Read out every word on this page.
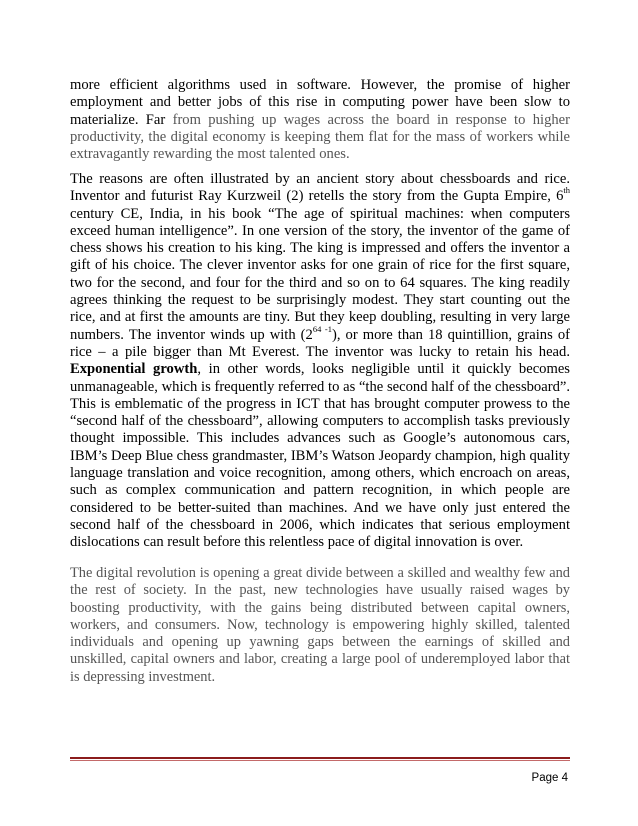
more efficient algorithms used in software. However, the promise of higher employment and better jobs of this rise in computing power have been slow to materialize. Far from pushing up wages across the board in response to higher productivity, the digital economy is keeping them flat for the mass of workers while extravagantly rewarding the most talented ones.

The reasons are often illustrated by an ancient story about chessboards and rice. Inventor and futurist Ray Kurzweil (2) retells the story from the Gupta Empire, 6th century CE, India, in his book “The age of spiritual machines: when computers exceed human intelligence”. In one version of the story, the inventor of the game of chess shows his creation to his king. The king is impressed and offers the inventor a gift of his choice. The clever inventor asks for one grain of rice for the first square, two for the second, and four for the third and so on to 64 squares. The king readily agrees thinking the request to be surprisingly modest. They start counting out the rice, and at first the amounts are tiny. But they keep doubling, resulting in very large numbers. The inventor winds up with (2$^{64 -1}$), or more than 18 quintillion, grains of rice – a pile bigger than Mt Everest. The inventor was lucky to retain his head. Exponential growth, in other words, looks negligible until it quickly becomes unmanageable, which is frequently referred to as “the second half of the chessboard”. This is emblematic of the progress in ICT that has brought computer prowess to the “second half of the chessboard”, allowing computers to accomplish tasks previously thought impossible. This includes advances such as Google’s autonomous cars, IBM’s Deep Blue chess grandmaster, IBM’s Watson Jeopardy champion, high quality language translation and voice recognition, among others, which encroach on areas, such as complex communication and pattern recognition, in which people are considered to be better-suited than machines. And we have only just entered the second half of the chessboard in 2006, which indicates that serious employment dislocations can result before this relentless pace of digital innovation is over.

The digital revolution is opening a great divide between a skilled and wealthy few and the rest of society. In the past, new technologies have usually raised wages by boosting productivity, with the gains being distributed between capital owners, workers, and consumers. Now, technology is empowering highly skilled, talented individuals and opening up yawning gaps between the earnings of skilled and unskilled, capital owners and labor, creating a large pool of underemployed labor that is depressing investment.

Page 4
